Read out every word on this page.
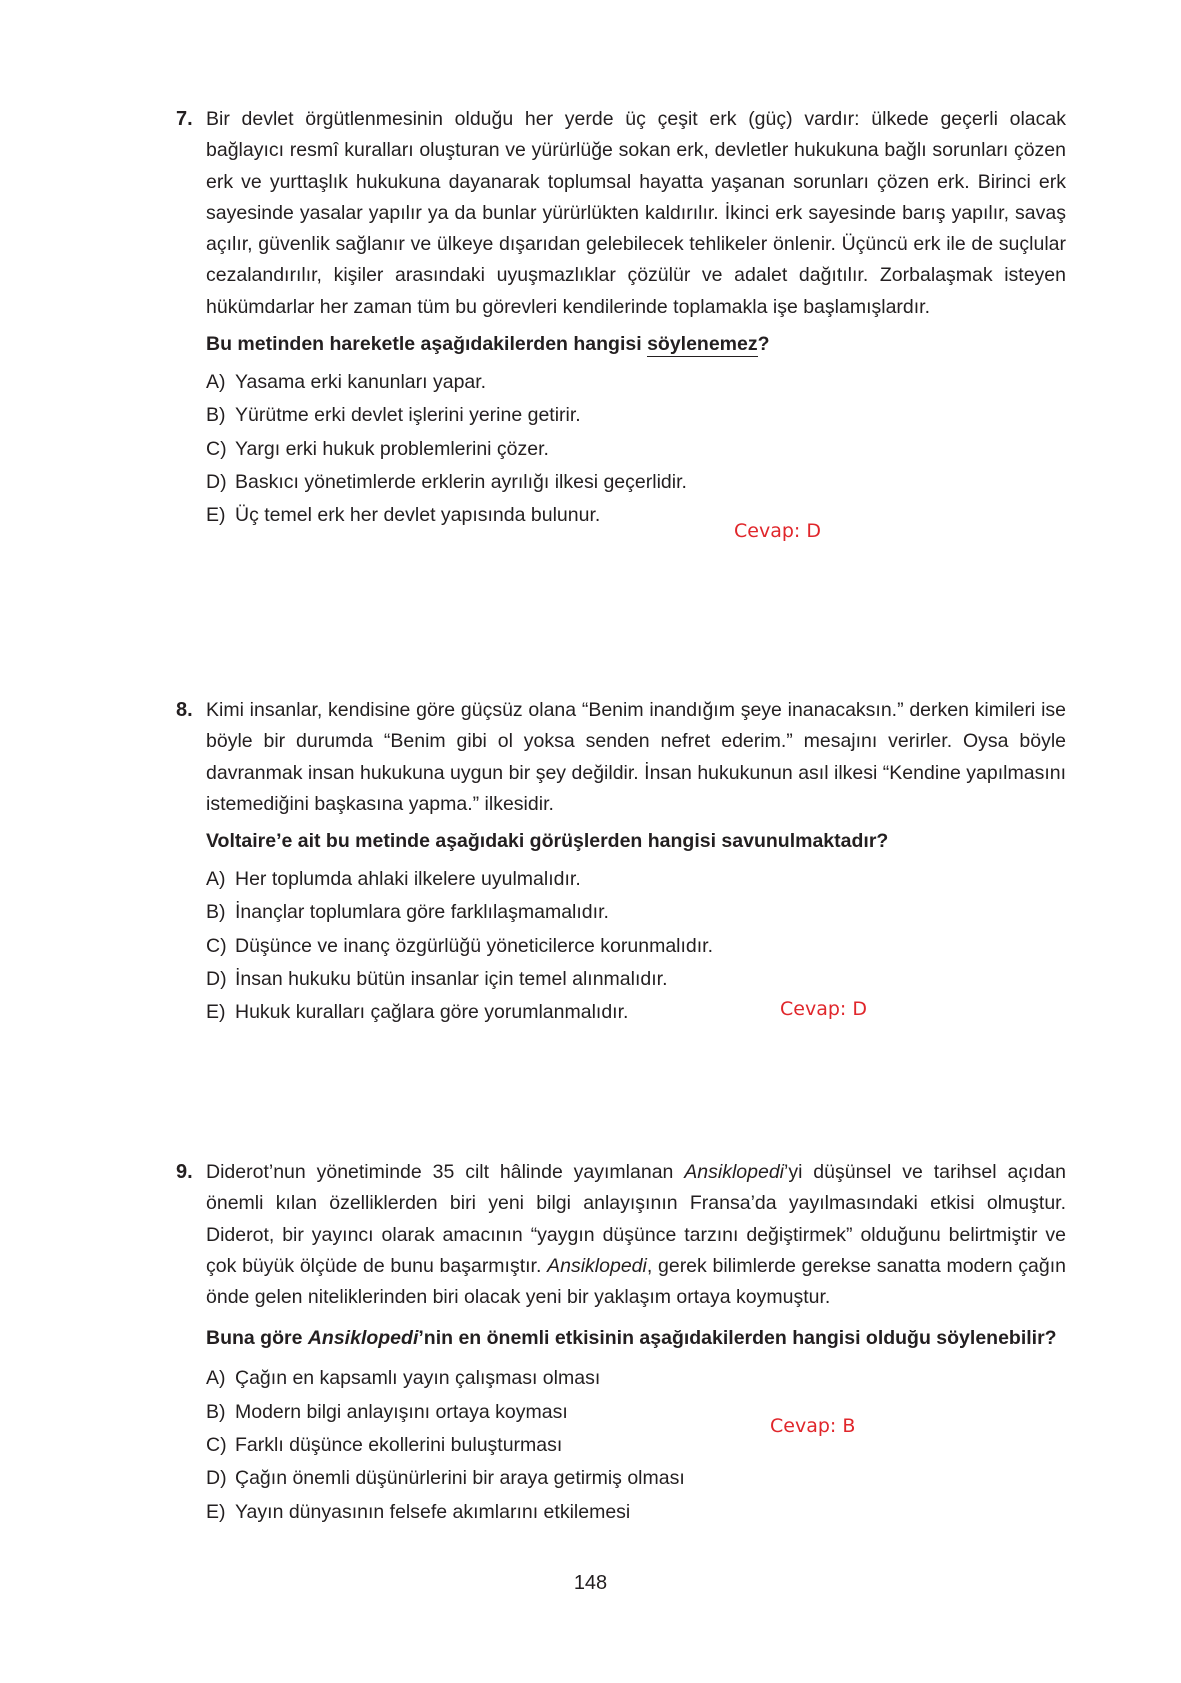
7. Bir devlet örgütlenmesinin olduğu her yerde üç çeşit erk (güç) vardır: ülkede geçerli olacak bağlayıcı resmî kuralları oluşturan ve yürürlüğe sokan erk, devletler hukukuna bağlı sorunları çözen erk ve yurttaşlık hukukuna dayanarak toplumsal hayatta yaşanan sorunları çözen erk. Birinci erk sayesinde yasalar yapılır ya da bunlar yürürlükten kaldırılır. İkinci erk sayesinde barış yapılır, savaş açılır, güvenlik sağlanır ve ülkeye dışarıdan gelebilecek tehlikeler önlenir. Üçüncü erk ile de suçlular cezalandırılır, kişiler arasındaki uyuşmazlıklar çözülür ve adalet dağıtılır. Zorbalaşmak isteyen hükümdarlar her zaman tüm bu görevleri kendilerinde toplamakla işe başlamışlardır.

Bu metinden hareketle aşağıdakilerden hangisi söylenemez?
A) Yasama erki kanunları yapar.
B) Yürütme erki devlet işlerini yerine getirir.
C) Yargı erki hukuk problemlerini çözer.
D) Baskıcı yönetimlerde erklerin ayrılığı ilkesi geçerlidir.
E) Üç temel erk her devlet yapısında bulunur.
Cevap: D
8. Kimi insanlar, kendisine göre güçsüz olana “Benim inandığım şeye inanacaksın.” derken kimileri ise böyle bir durumda “Benim gibi ol yoksa senden nefret ederim.” mesajını verirler. Oysa böyle davranmak insan hukukuna uygun bir şey değildir. İnsan hukukunun asıl ilkesi “Kendine yapılmasını istemediğini başkasına yapma.” ilkesidir.

Voltaire’e ait bu metinde aşağıdaki görüşlerden hangisi savunulmaktadır?
A) Her toplumda ahlaki ilkelere uyulmalıdır.
B) İnançlar toplumlara göre farklılaşmamalıdır.
C) Düşünce ve inanç özgürlüğü yöneticilerce korunmalıdır.
D) İnsan hukuku bütün insanlar için temel alınmalıdır.
E) Hukuk kuralları çağlara göre yorumlanmalıdır.	Cevap: D
9. Diderot’nun yönetiminde 35 cilt hâlinde yayımlanan Ansiklopedi’yi düşünsel ve tarihsel açıdan önemli kılan özelliklerden biri yeni bilgi anlayışının Fransa’da yayılmasındaki etkisi olmuştur. Diderot, bir yayıncı olarak amacının “yaygın düşünce tarzını değiştirmek” olduğunu belirtmiştir ve çok büyük ölçüde de bunu başarmıştır. Ansiklopedi, gerek bilimlerde gerekse sanatta modern çağın önde gelen niteliklerinden biri olacak yeni bir yaklaşım ortaya koymuştur.

Buna göre Ansiklopedi’nin en önemli etkisinin aşağıdakilerden hangisi olduğu söylenebilir?
A) Çağın en kapsamlı yayın çalışması olması
B) Modern bilgi anlayışını ortaya koyması
C) Farklı düşünce ekollerini buluşturması
D) Çağın önemli düşünürlerini bir araya getirmiş olması
E) Yayın dünyasının felsefe akımlarını etkilemesi
Cevap: B
148
